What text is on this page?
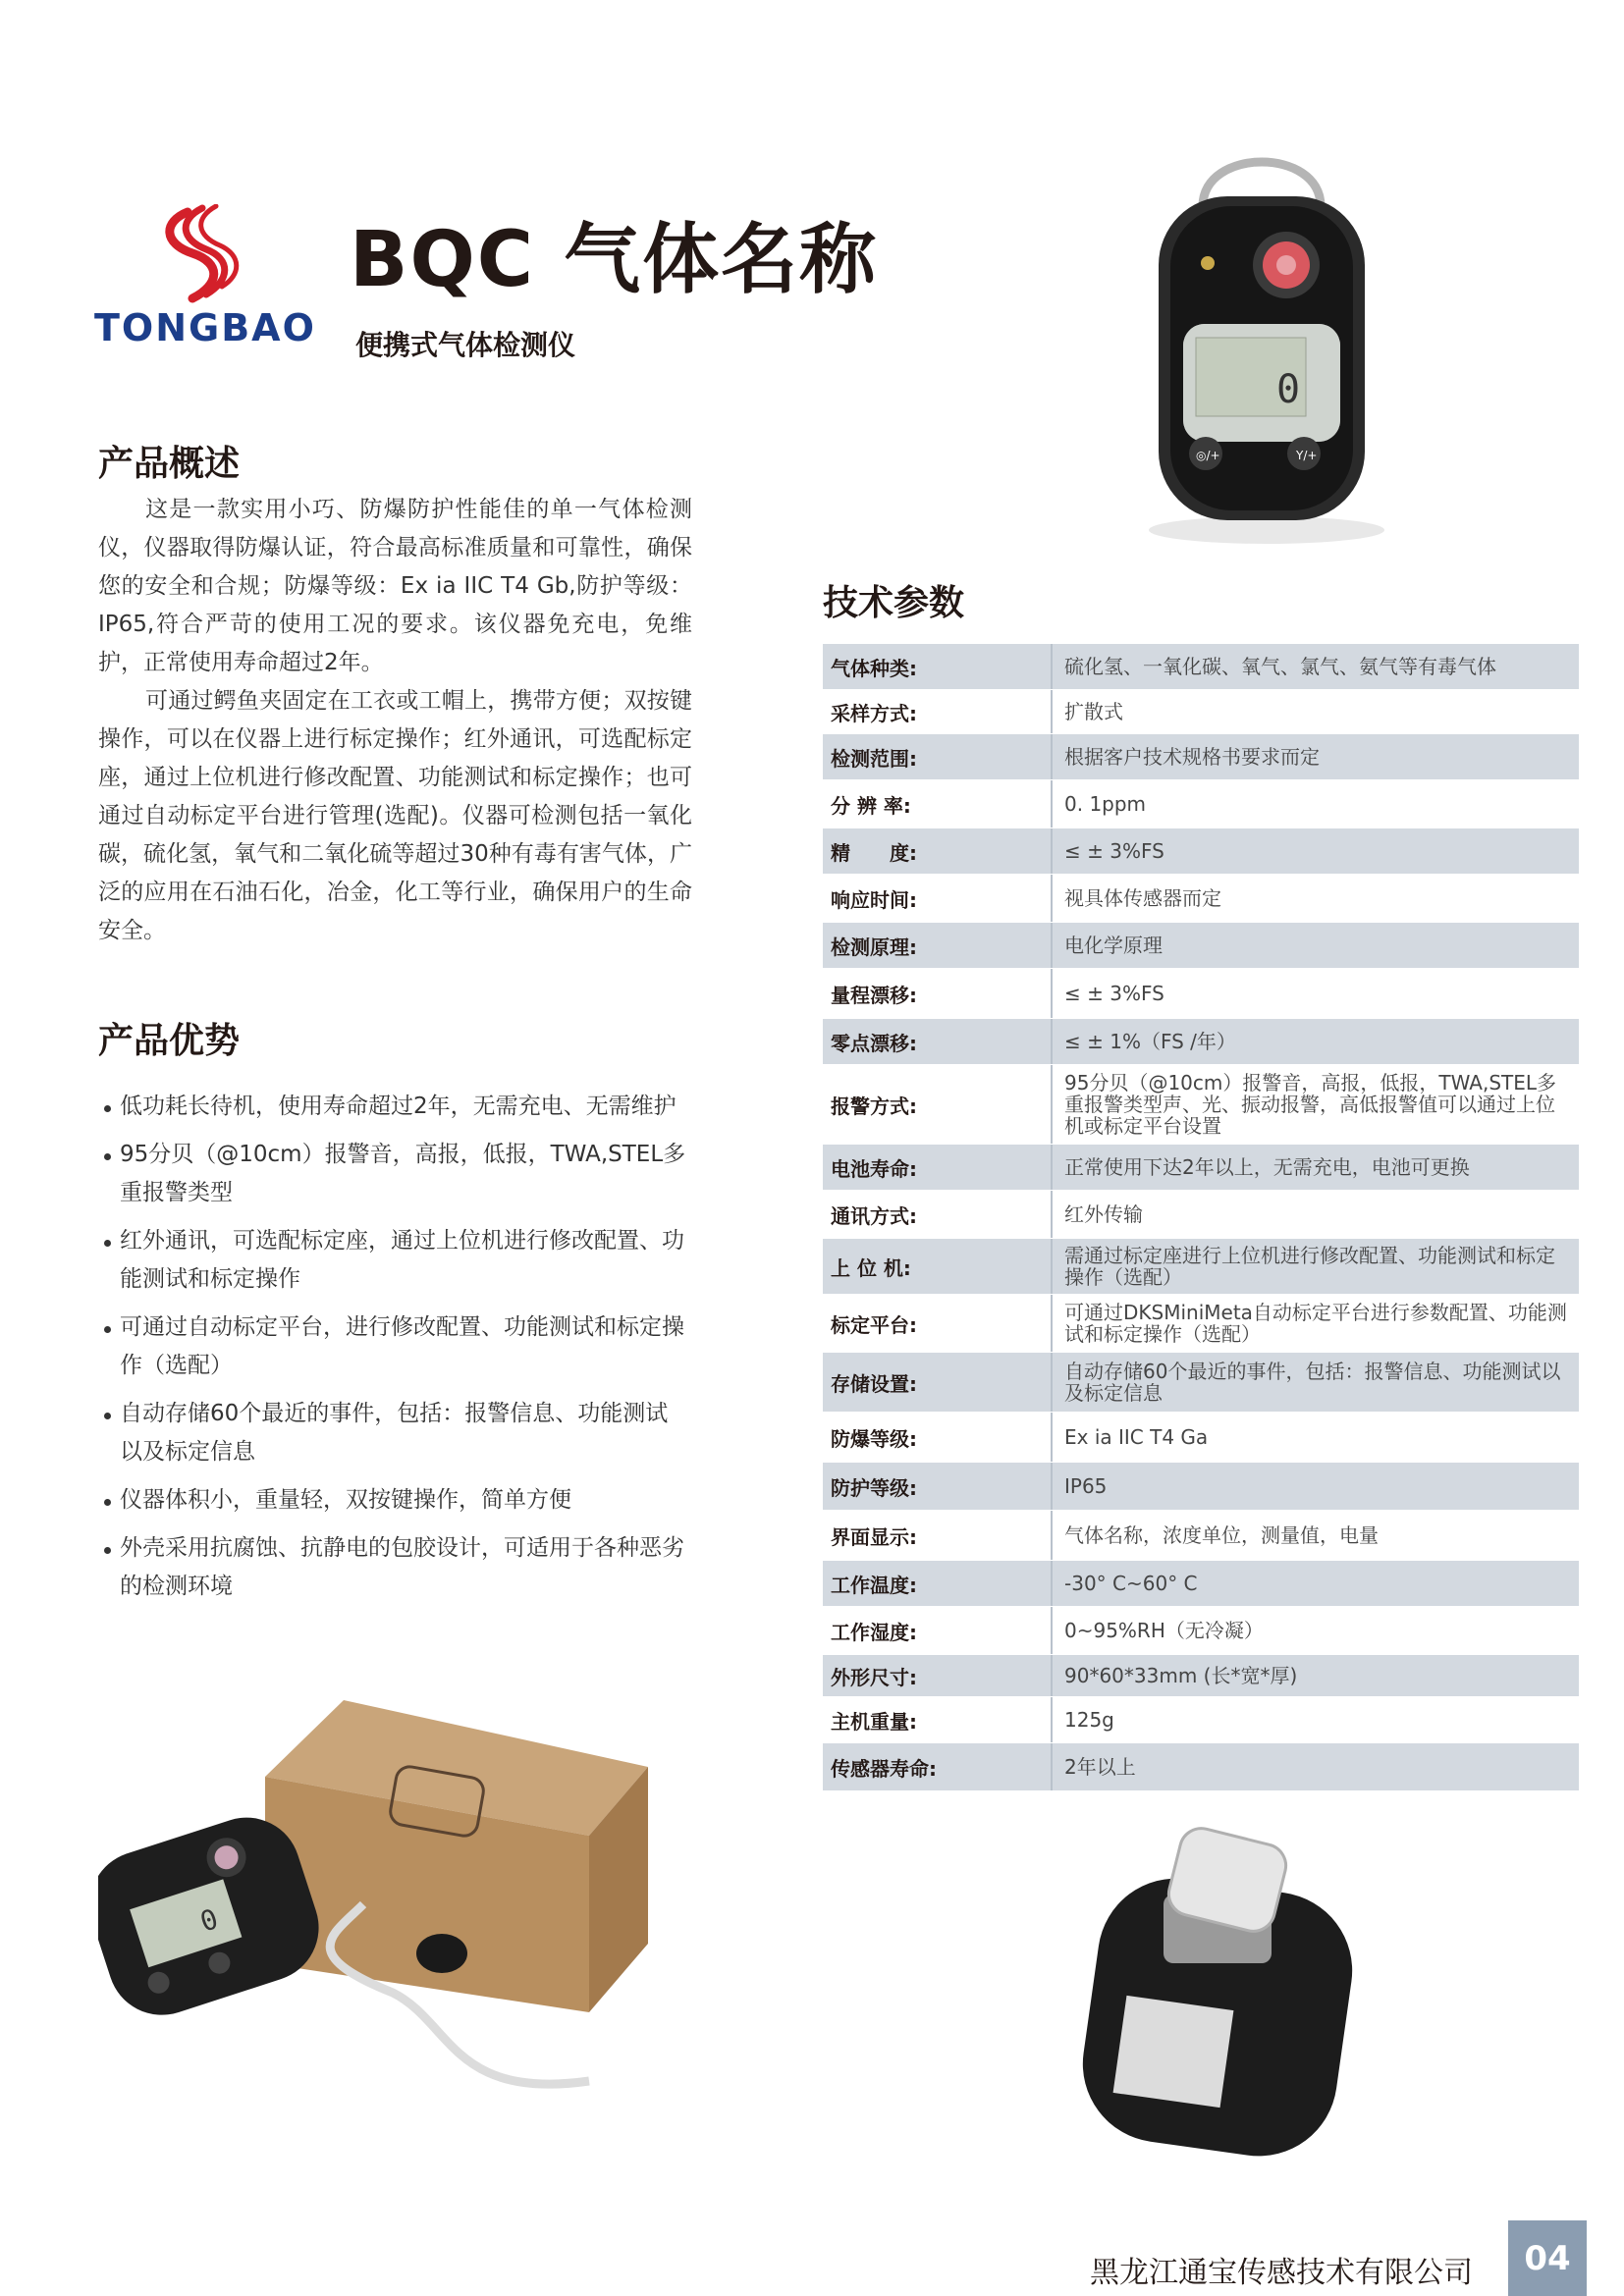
TONGBAO
BQC 气体名称
便携式气体检测仪
0
◎/+	Y/+
产品概述

这是一款实用小巧、防爆防护性能佳的单一气体检测仪，仪器取得防爆认证，符合最高标准质量和可靠性，确保您的安全和合规；防爆等级：Ex ia IIC T4 Gb,防护等级：IP65,符合严苛的使用工况的要求。该仪器免充电，免维护，正常使用寿命超过2年。

可通过鳄鱼夹固定在工衣或工帽上，携带方便；双按键操作，可以在仪器上进行标定操作；红外通讯，可选配标定座，通过上位机进行修改配置、功能测试和标定操作；也可通过自动标定平台进行管理(选配)。仪器可检测包括一氧化碳，硫化氢，氧气和二氧化硫等超过30种有毒有害气体，广泛的应用在石油石化，冶金，化工等行业，确保用户的生命安全。

产品优势
低功耗长待机，使用寿命超过2年，无需充电、无需维护
95分贝（@10cm）报警音，高报，低报，TWA,STEL多重报警类型
红外通讯，可选配标定座，通过上位机进行修改配置、功能测试和标定操作
可通过自动标定平台，进行修改配置、功能测试和标定操作（选配）
自动存储60个最近的事件，包括：报警信息、功能测试以及标定信息
仪器体积小，重量轻，双按键操作，简单方便
外壳采用抗腐蚀、抗静电的包胶设计，可适用于各种恶劣的检测环境
技术参数
气体种类:	硫化氢、一氧化碳、氧气、氯气、氨气等有毒气体
采样方式:	扩散式
检测范围:	根据客户技术规格书要求而定
分 辨 率:	0. 1ppm
精　　度:	≤ ± 3%FS
响应时间:	视具体传感器而定
检测原理:	电化学原理
量程漂移:	≤ ± 3%FS
零点漂移:	≤ ± 1%（FS /年）
报警方式:
95分贝（@10cm）报警音，高报，低报，TWA,STEL多重报警类型声、光、振动报警，高低报警值可以通过上位机或标定平台设置
电池寿命:	正常使用下达2年以上，无需充电，电池可更换
通讯方式:	红外传输
上 位 机:
需通过标定座进行上位机进行修改配置、功能测试和标定操作（选配）
标定平台:
可通过DKSMiniMeta自动标定平台进行参数配置、功能测试和标定操作（选配）
存储设置:
自动存储60个最近的事件，包括：报警信息、功能测试以及标定信息
防爆等级:	Ex ia IIC T4 Ga
防护等级:	IP65
界面显示:	气体名称，浓度单位，测量值，电量
工作温度:	-30° C~60° C
工作湿度:	0~95%RH（无冷凝）
外形尺寸:	90*60*33mm (长*宽*厚)
主机重量:	125g
传感器寿命:	2年以上
0
黑龙江通宝传感技术有限公司	04
